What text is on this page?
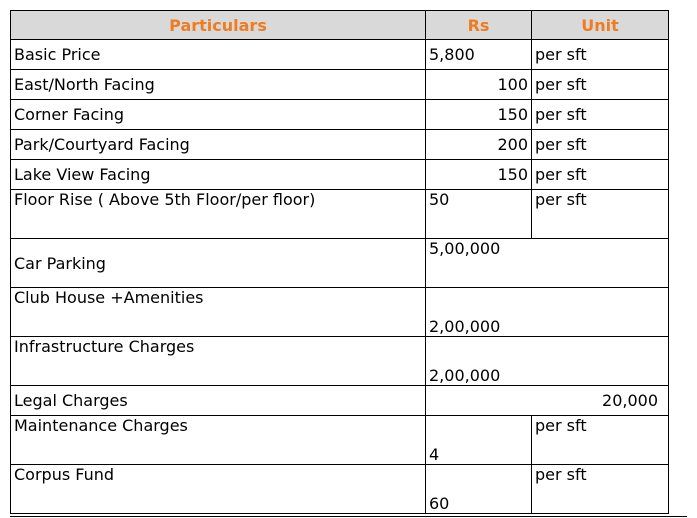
Particulars	Rs	Unit
Basic Price	5,800	per sft
East/North Facing	100	per sft
Corner Facing	150	per sft
Park/Courtyard Facing	200	per sft
Lake View Facing	150	per sft
Floor Rise ( Above 5th Floor/per floor)	50	per sft
Car Parking	5,00,000	
Club House +Amenities	2,00,000	
Infrastructure Charges	2,00,000	
Legal Charges	20,000	
Maintenance Charges	4	per sft
Corpus Fund	60	per sft
